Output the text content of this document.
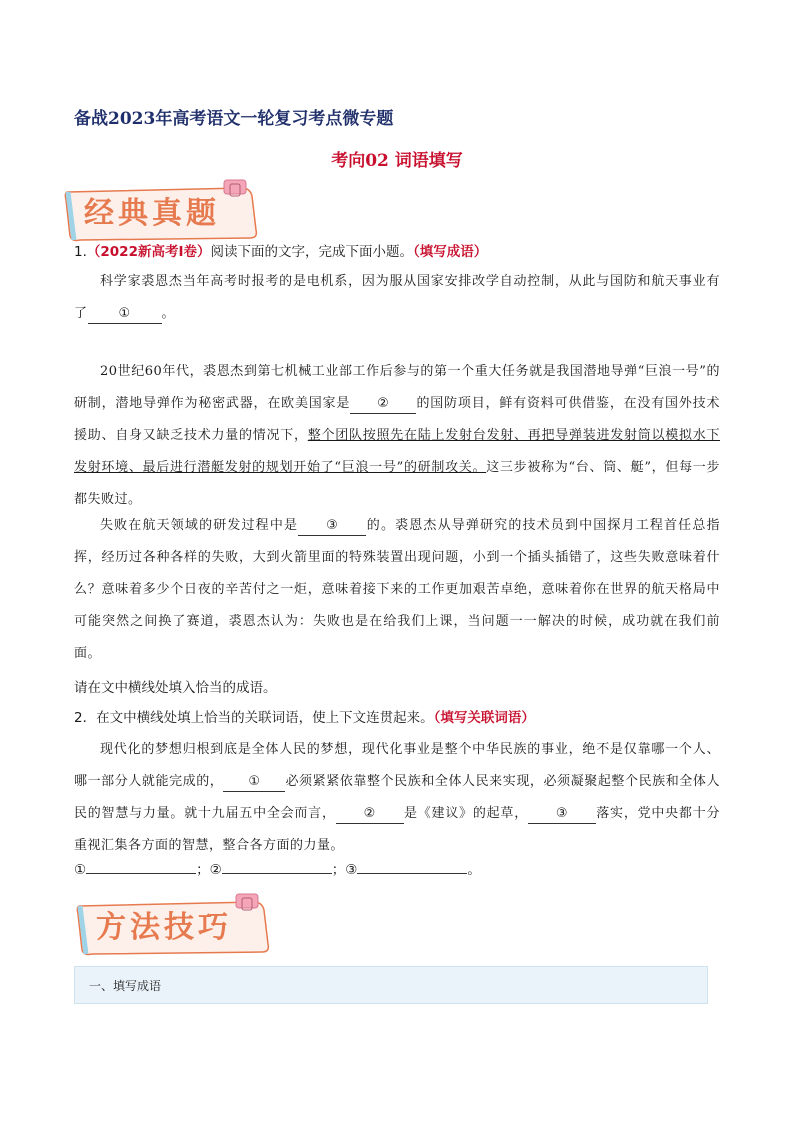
备战2023年高考语文一轮复习考点微专题
考向02 词语填写
经典真题
1.（2022新高考I卷）阅读下面的文字，完成下面小题。（填写成语）
科学家裘恩杰当年高考时报考的是电机系，因为服从国家安排改学自动控制，从此与国防和航天事业有了 ① 。
20世纪60年代，裘恩杰到第七机械工业部工作后参与的第一个重大任务就是我国潜地导弹“巨浪一号”的研制，潜地导弹作为秘密武器，在欧美国家是 ② 的国防项目，鲜有资料可供借鉴，在没有国外技术援助、自身又缺乏技术力量的情况下，整个团队按照先在陆上发射台发射、再把导弹装进发射筒以模拟水下发射环境、最后进行潜艇发射的规划开始了“巨浪一号”的研制攻关。这三步被称为“台、筒、艇”，但每一步都失败过。
失败在航天领域的研发过程中是 ③ 的。裘恩杰从导弹研究的技术员到中国探月工程首任总指挥，经历过各种各样的失败，大到火箭里面的特殊装置出现问题，小到一个插头插错了，这些失败意味着什么？意味着多少个日夜的辛苦付之一炬，意味着接下来的工作更加艰苦卓绝，意味着你在世界的航天格局中可能突然之间换了赛道，裘恩杰认为：失败也是在给我们上课，当问题一一解决的时候，成功就在我们前面。
请在文中横线处填入恰当的成语。
2．在文中横线处填上恰当的关联词语，使上下文连贯起来。（填写关联词语）
现代化的梦想归根到底是全体人民的梦想，现代化事业是整个中华民族的事业，绝不是仅靠哪一个人、哪一部分人就能完成的， ① 必须紧紧依靠整个民族和全体人民来实现，必须凝聚起整个民族和全体人民的智慧与力量。就十九届五中全会而言， ② 是《建议》的起草， ③ 落实，党中央都十分重视汇集各方面的智慧，整合各方面的力量。
①	；②	；③	。
方法技巧
一、填写成语
